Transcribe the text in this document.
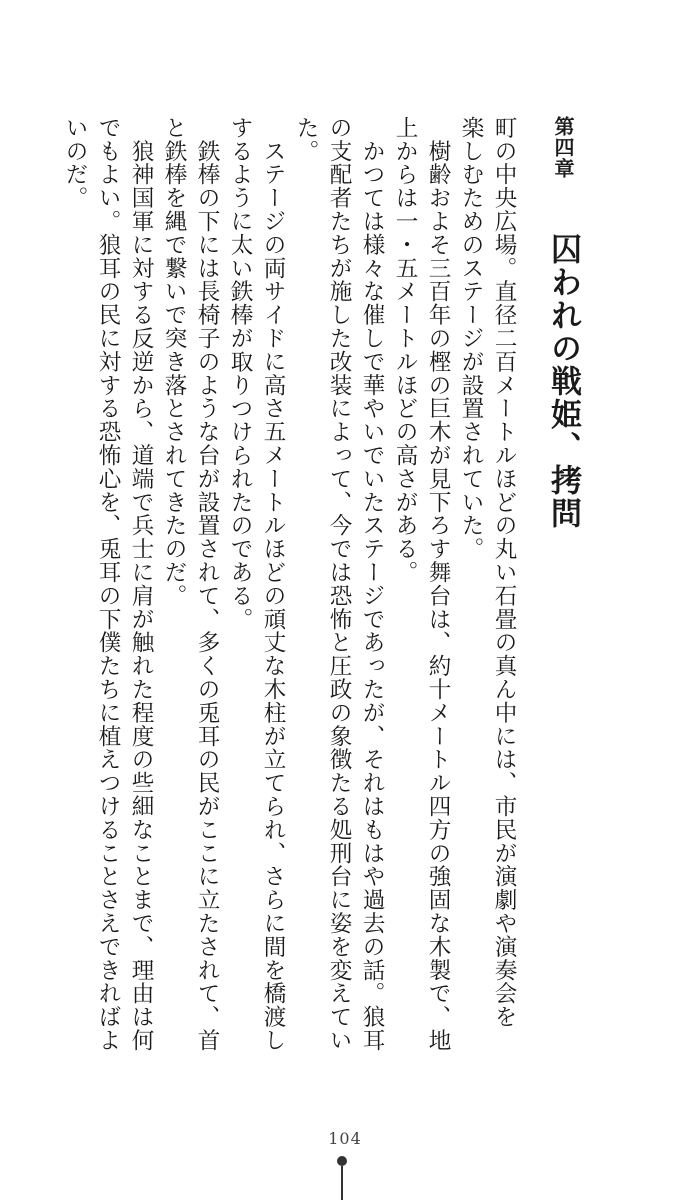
第四章
囚われの戦姫、拷問
町の中央広場。直径二百メートルほどの丸い石畳の真ん中には、市民が演劇や演奏会を
楽しむためのステージが設置されていた。
　樹齢およそ三百年の樫の巨木が見下ろす舞台は、約十メートル四方の強固な木製で、地
上からは一・五メートルほどの高さがある。
　かつては様々な催しで華やいでいたステージであったが、それはもはや過去の話。狼耳
の支配者たちが施した改装によって、今では恐怖と圧政の象徴たる処刑台に姿を変えてい
た。
　ステージの両サイドに高さ五メートルほどの頑丈な木柱が立てられ、さらに間を橋渡し
するように太い鉄棒が取りつけられたのである。
　鉄棒の下には長椅子のような台が設置されて、多くの兎耳の民がここに立たされて、首
と鉄棒を縄で繋いで突き落とされてきたのだ。
　狼神国軍に対する反逆から、道端で兵士に肩が触れた程度の些細なことまで、理由は何
でもよい。狼耳の民に対する恐怖心を、兎耳の下僕たちに植えつけることさえできればよ
いのだ。
104
